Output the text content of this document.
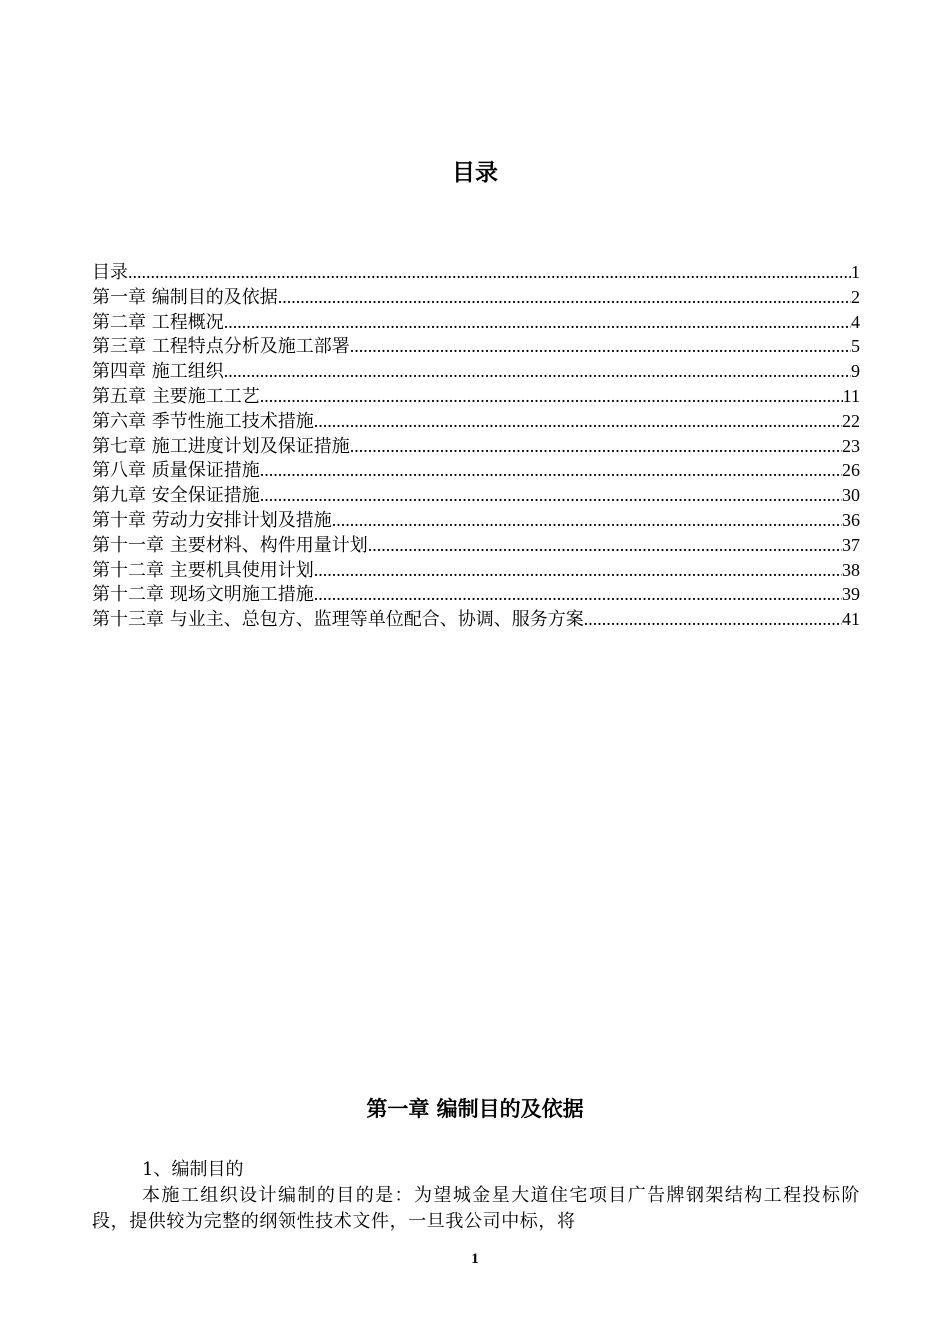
目录
目录 .....	1
第一章 编制目的及依据 .....	2
第二章 工程概况 .....	4
第三章 工程特点分析及施工部署 .....	5
第四章 施工组织 .....	9
第五章 主要施工工艺 .....	11
第六章 季节性施工技术措施 .....	22
第七章 施工进度计划及保证措施 .....	23
第八章 质量保证措施 .....	26
第九章 安全保证措施 .....	30
第十章 劳动力安排计划及措施 .....	36
第十一章 主要材料、构件用量计划 .....	37
第十二章 主要机具使用计划 .....	38
第十二章 现场文明施工措施 .....	39
第十三章 与业主、总包方、监理等单位配合、协调、服务方案 .....	41
第一章 编制目的及依据
1、编制目的

本施工组织设计编制的目的是：为望城金星大道住宅项目广告牌钢架结构工程投标阶段，提供较为完整的纲领性技术文件，一旦我公司中标，将

1
